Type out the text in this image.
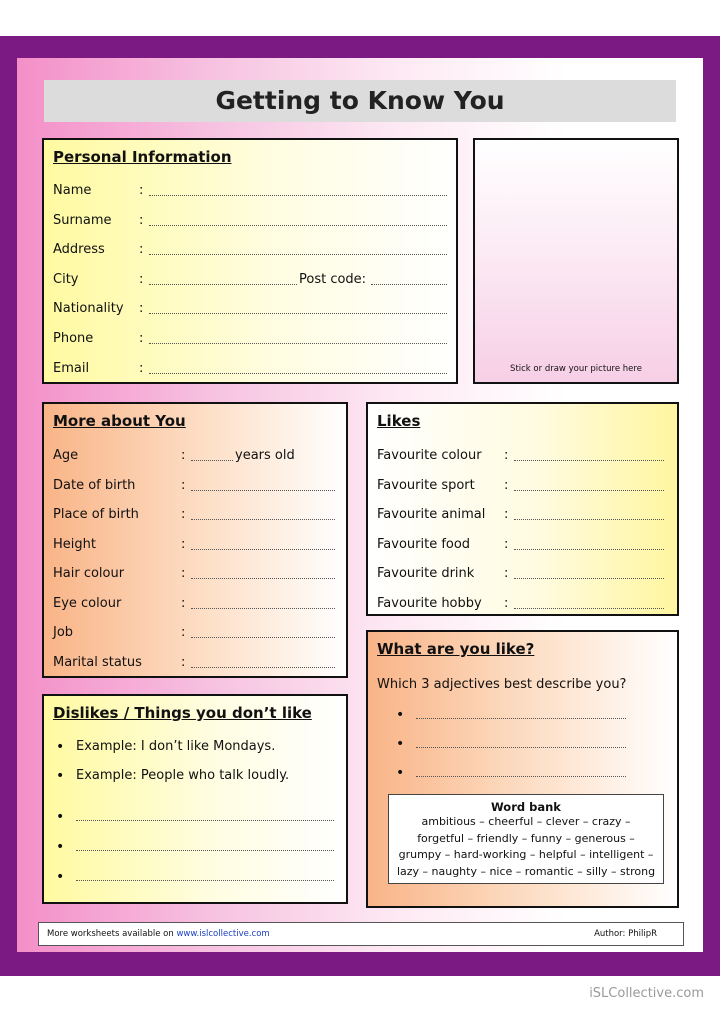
Getting to Know You
Personal Information
Name	:
Surname :
Address	:
City	:	Post code:
Nationality :
Phone	:
Email	:	Stick or draw your picture here
More about You
Age	:	years old
Date of birth	:
Place of birth	:
Height	:
Hair colour	:
Eye colour	:
Job	:
Marital status	:
Likes
Favourite colour :
Favourite sport :
Favourite animal :
Favourite food	:
Favourite drink :
Favourite hobby :
Dislikes / Things you don’t like
• Example: I don’t like Mondays.
• Example: People who talk loudly.
•
•
•
What are you like?
Which 3 adjectives best describe you?
•
•
•
Word bank
ambitious – cheerful – clever – crazy –
forgetful – friendly – funny – generous –
grumpy – hard-working – helpful – intelligent –
lazy – naughty – nice – romantic – silly – strong
More worksheets available on www.islcollective.com	Author: PhilipR
iSLCollective.com
